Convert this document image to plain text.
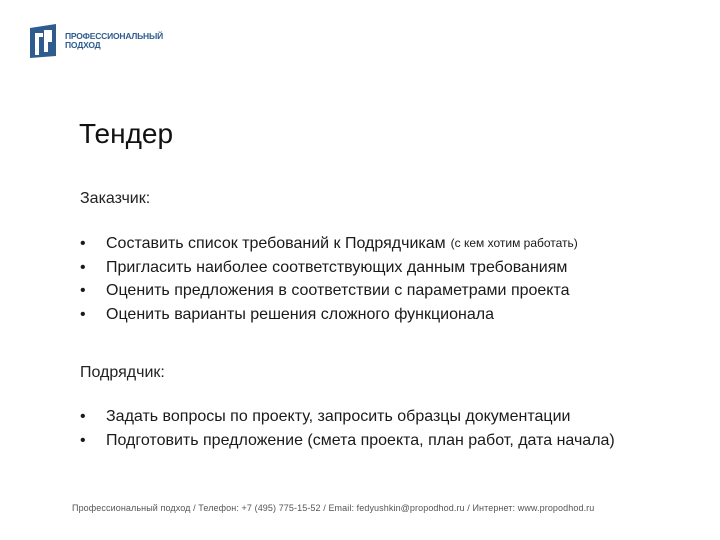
ПРОФЕССИОНАЛЬНЫЙ
ПОДХОД
Тендер
Заказчик:
•	Составить список требований к Подрядчикам (с кем хотим работать)
•	Пригласить наиболее соответствующих данным требованиям
•	Оценить предложения в соответствии с параметрами проекта
•	Оценить варианты решения сложного функционала
Подрядчик:
•	Задать вопросы по проекту, запросить образцы документации
•	Подготовить предложение (смета проекта, план работ, дата начала)
Профессиональный подход / Телефон: +7 (495) 775-15-52 / Email: fedyushkin@propodhod.ru / Интернет: www.propodhod.ru
